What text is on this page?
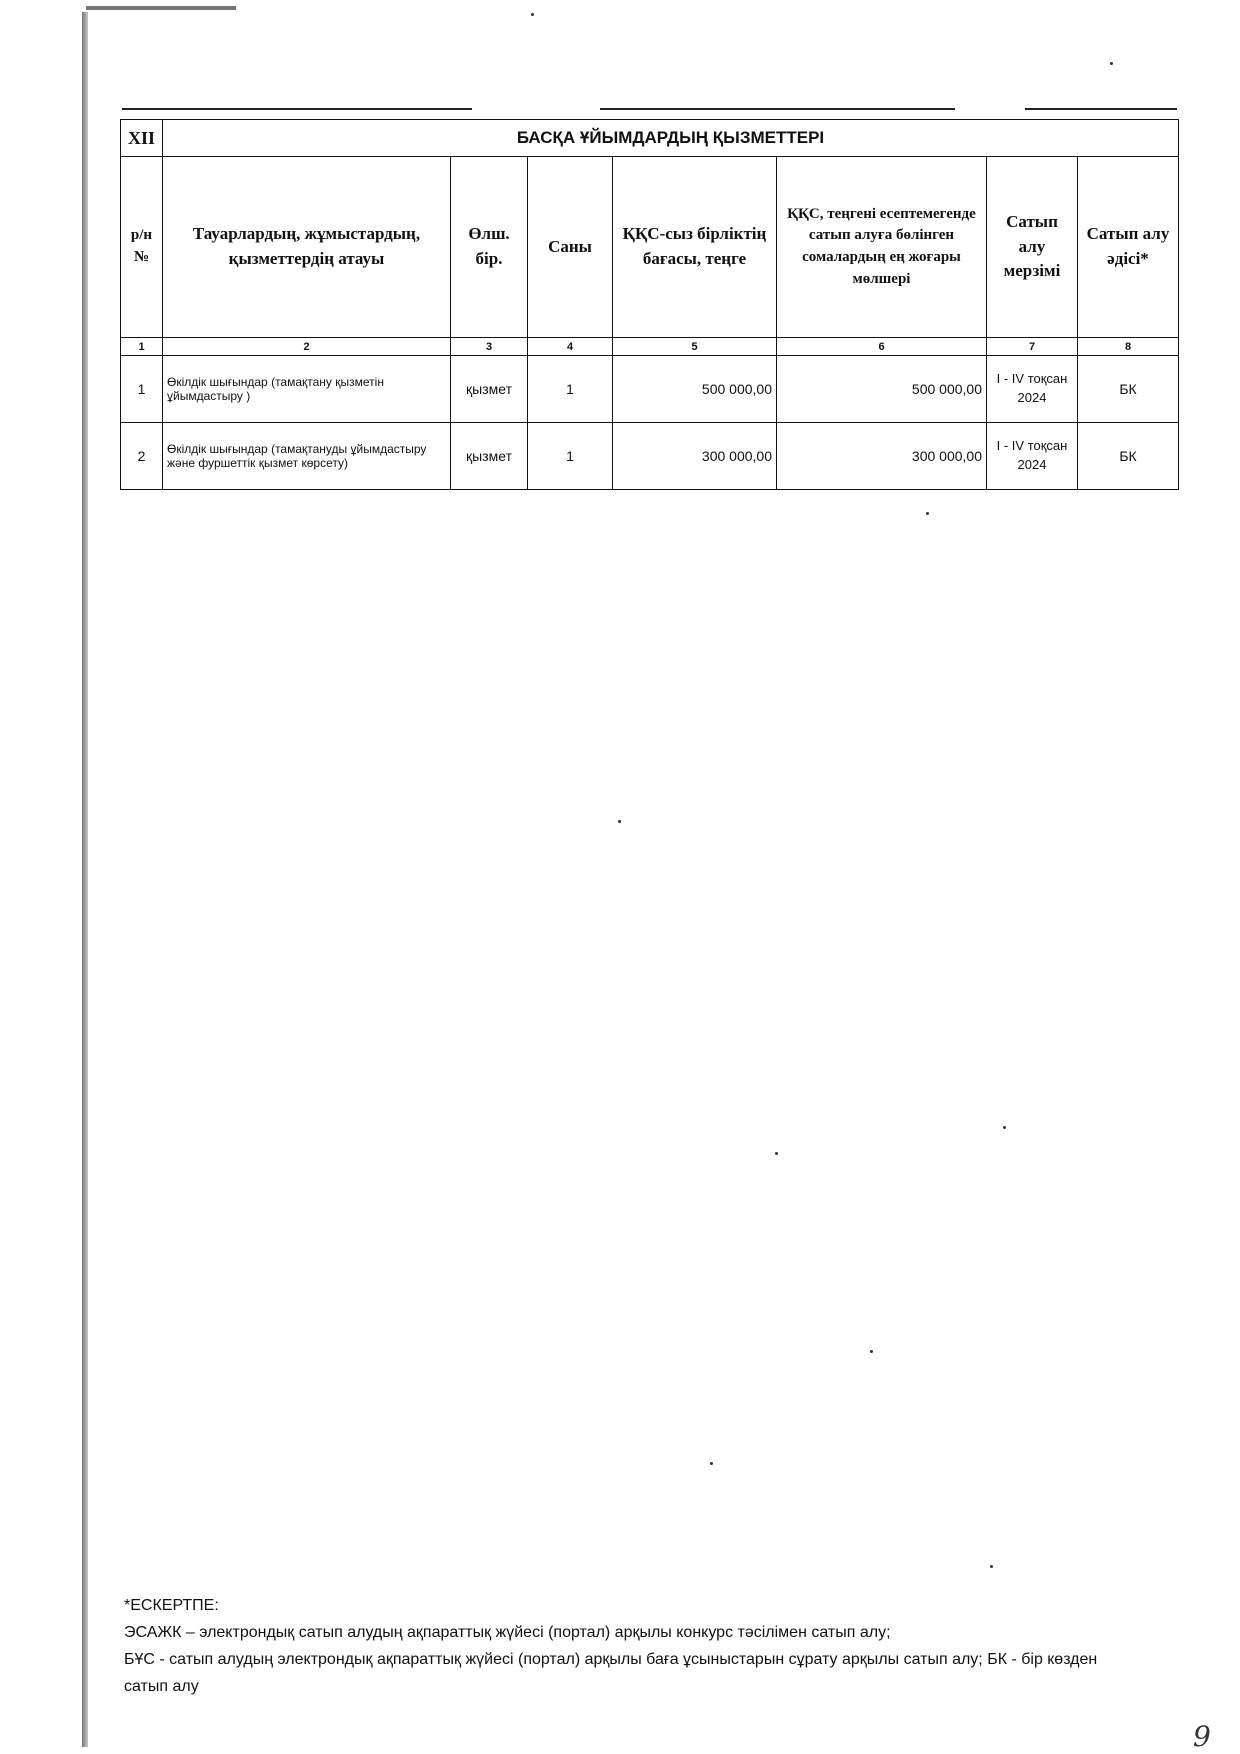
XII	БАСҚА ҰЙЫМДАРДЫҢ ҚЫЗМЕТТЕРІ						
р/н №	Тауарлардың, жұмыстардың, қызметтердің атауы	Өлш. бір.	Саны	ҚҚС-сыз бірліктің бағасы, теңге	ҚҚС, теңгені есептемегенде сатып алуға бөлінген сомалардың ең жоғары мөлшері	Сатып алу мерзімі	Сатып алу әдісі*
1	2	3	4	5	6	7	8
1	Өкілдік шығындар (тамақтану қызметін ұйымдастыру )	қызмет	1	500 000,00	500 000,00	I - IV тоқсан 2024	БК
2	Өкілдік шығындар (тамақтануды ұйымдастыру және фуршеттік қызмет көрсету)	қызмет	1	300 000,00	300 000,00	I - IV тоқсан 2024	БК

*ЕСКЕРТПЕ:

ЭСАЖК – электрондық сатып алудың ақпараттық жүйесі (портал) арқылы конкурс тәсілімен сатып алу;

БҰС - сатып алудың электрондық ақпараттық жүйесі (портал) арқылы баға ұсыныстарын сұрату арқылы сатып алу; БК - бір көзден сатып алу

9
